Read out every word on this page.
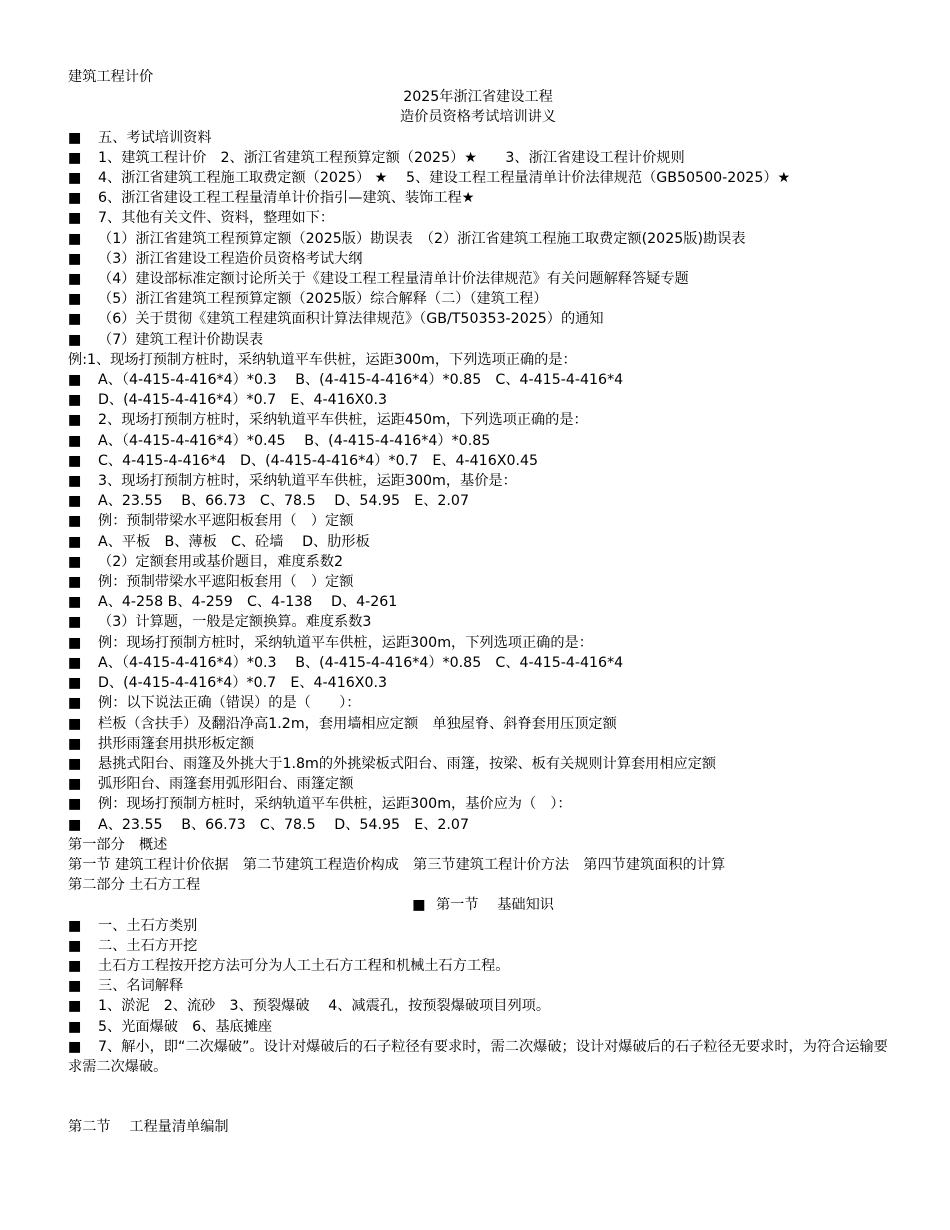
建筑工程计价
2025年浙江省建设工程
造价员资格考试培训讲义
■ 五、考试培训资料
■ 1、建筑工程计价　2、浙江省建筑工程预算定额（2025）★　　3、浙江省建设工程计价规则
■ 4、浙江省建筑工程施工取费定额（2025） ★　 5、建设工程工程量清单计价法律规范（GB50500-2025）★
■ 6、浙江省建设工程工程量清单计价指引—建筑、装饰工程★
■ 7、其他有关文件、资料，整理如下：
■ （1）浙江省建筑工程预算定额（2025版）勘误表　（2）浙江省建筑工程施工取费定额(2025版)勘误表
■ （3）浙江省建设工程造价员资格考试大纲
■ （4）建设部标准定额讨论所关于《建设工程工程量清单计价法律规范》有关问题解释答疑专题
■ （5）浙江省建筑工程预算定额（2025版）综合解释（二）（建筑工程）
■ （6）关于贯彻《建筑工程建筑面积计算法律规范》（GB/T50353-2025）的通知
■ （7）建筑工程计价勘误表
例:1、现场打预制方桩时，采纳轨道平车供桩，运距300m，下列选项正确的是：
■ A、（4-415-4-416*4）*0.3　 B、(4-415-4-416*4）*0.85　C、4-415-4-416*4
■ D、(4-415-4-416*4）*0.7　E、4-416X0.3
■ 2、现场打预制方桩时，采纳轨道平车供桩，运距450m，下列选项正确的是：
■ A、（4-415-4-416*4）*0.45　 B、(4-415-4-416*4）*0.85
■ C、4-415-4-416*4　D、(4-415-4-416*4）*0.7　E、4-416X0.45
■ 3、现场打预制方桩时，采纳轨道平车供桩，运距300m，基价是：
■ A、23.55　 B、66.73　C、78.5　 D、54.95　E、2.07
■ 例：预制带梁水平遮阳板套用（　）定额
■ A、平板　B、薄板　C、砼墙　 D、肋形板
■ （2）定额套用或基价题目，难度系数2
■ 例：预制带梁水平遮阳板套用（　）定额
■ A、4-258 B、4-259　C、4-138　 D、4-261
■ （3）计算题，一般是定额换算。难度系数3
■ 例：现场打预制方桩时，采纳轨道平车供桩，运距300m，下列选项正确的是：
■ A、（4-415-4-416*4）*0.3　 B、(4-415-4-416*4）*0.85　C、4-415-4-416*4
■ D、(4-415-4-416*4）*0.7　E、4-416X0.3
■ 例：以下说法正确（错误）的是（　　）：
■ 栏板（含扶手）及翻沿净高1.2m，套用墙相应定额　单独屋脊、斜脊套用压顶定额
■ 拱形雨篷套用拱形板定额
■ 悬挑式阳台、雨篷及外挑大于1.8m的外挑梁板式阳台、雨篷，按梁、板有关规则计算套用相应定额
■ 弧形阳台、雨篷套用弧形阳台、雨篷定额
■ 例：现场打预制方桩时，采纳轨道平车供桩，运距300m，基价应为（　）：
■ A、23.55　 B、66.73　C、78.5　 D、54.95　E、2.07
第一部分　概述
第一节 建筑工程计价依据　第二节建筑工程造价构成　第三节建筑工程计价方法　第四节建筑面积的计算
第二部分 土石方工程
■ 第一节　 基础知识
■ 一、土石方类别
■ 二、土石方开挖
■ 土石方工程按开挖方法可分为人工土石方工程和机械土石方工程。
■ 三、名词解释
■ 1、淤泥　2、流砂　3、预裂爆破　 4、减震孔，按预裂爆破项目列项。
■ 5、光面爆破　6、基底摊座
■ 7、解小，即“二次爆破”。设计对爆破后的石子粒径有要求时，需二次爆破；设计对爆破后的石子粒径无要求时，为符合运输要求需二次爆破。
第二节　 工程量清单编制
